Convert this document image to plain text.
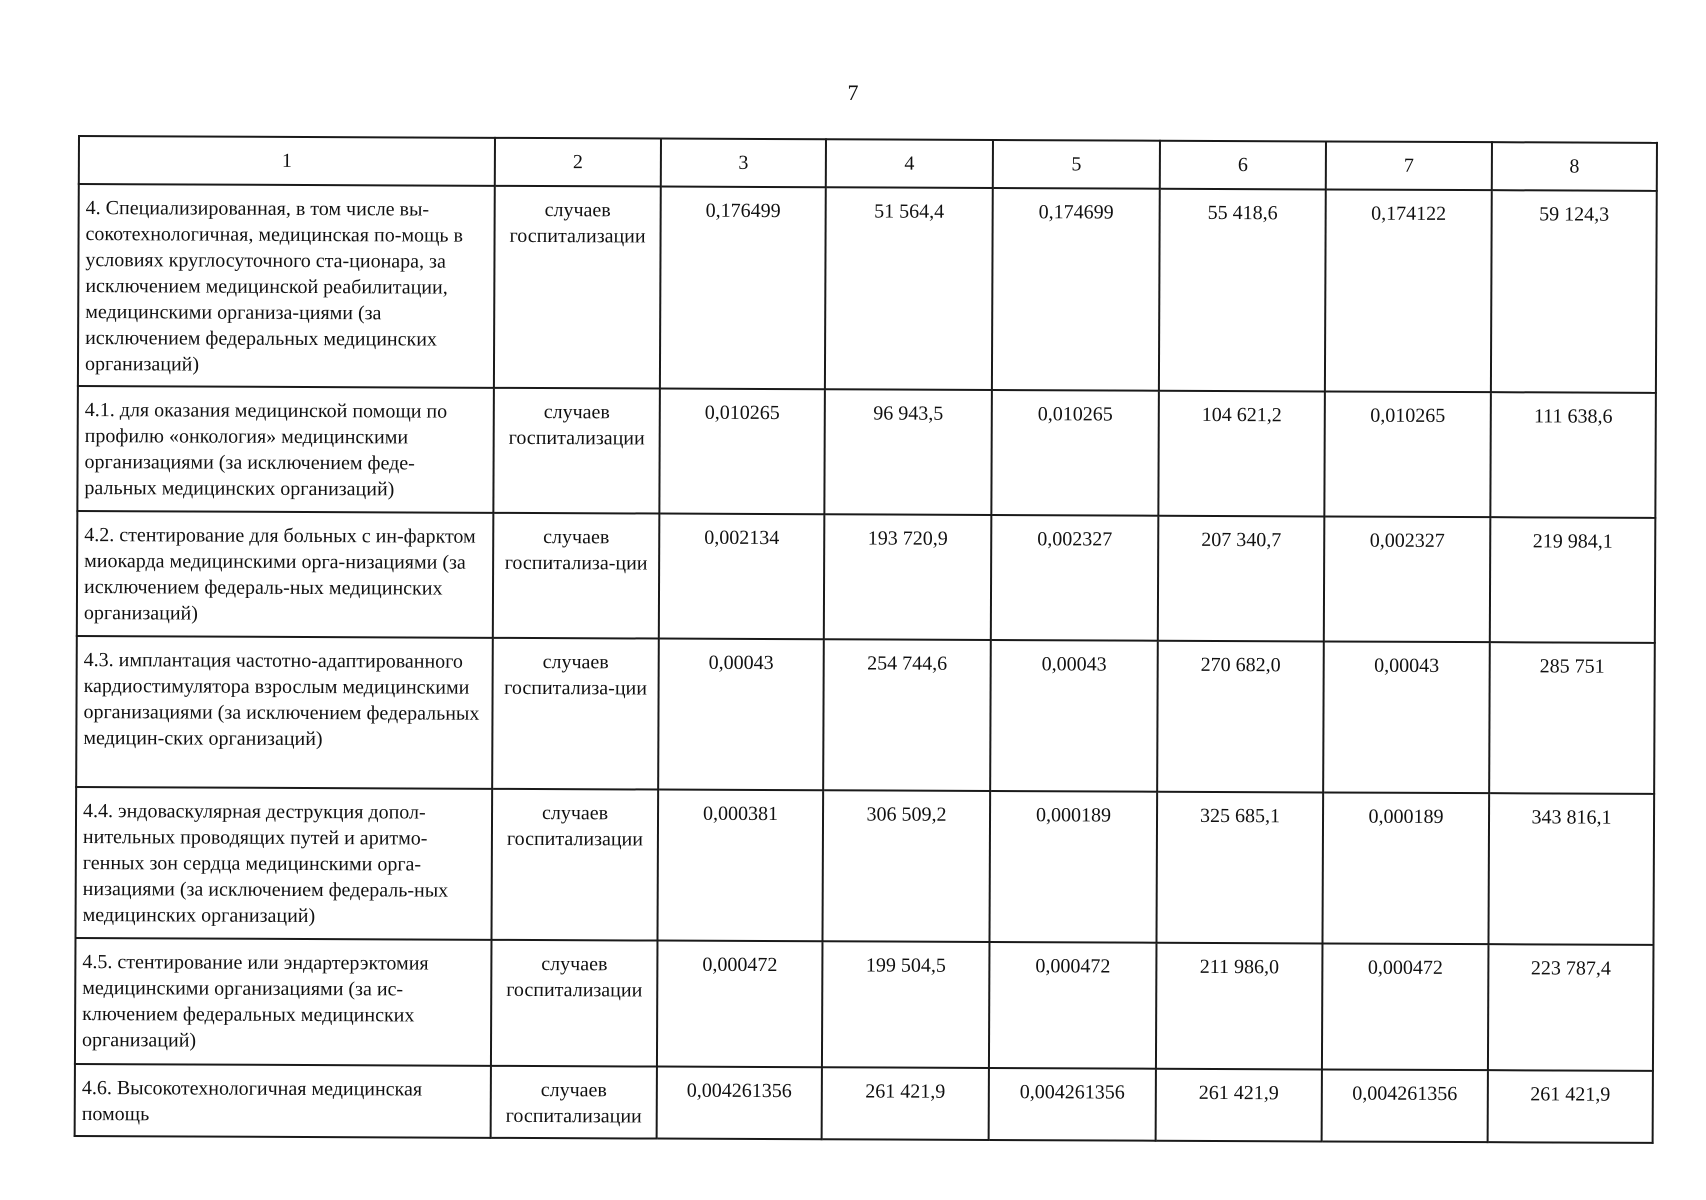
7
1	2	3	4	5	6	7	8
4. Специализированная, в том числе вы-сокотехнологичная, медицинская по-мощь в условиях круглосуточного ста-ционара, за исключением медицинской реабилитации, медицинскими организа-циями (за исключением федеральных медицинских организаций)	случаев госпитализации	0,176499	51 564,4	0,174699	55 418,6	0,174122	59 124,3
4.1. для оказания медицинской помощи по профилю «онкология» медицинскими организациями (за исключением феде-ральных медицинских организаций)	случаев госпитализации	0,010265	96 943,5	0,010265	104 621,2	0,010265	111 638,6
4.2. стентирование для больных с ин-фарктом миокарда медицинскими орга-низациями (за исключением федераль-ных медицинских организаций)	случаев госпитализа-ции	0,002134	193 720,9	0,002327	207 340,7	0,002327	219 984,1
4.3. имплантация частотно-адаптированного кардиостимулятора взрослым медицинскими организациями (за исключением федеральных медицин-ских организаций)	случаев госпитализа-ции	0,00043	254 744,6	0,00043	270 682,0	0,00043	285 751
4.4. эндоваскулярная деструкция допол-нительных проводящих путей и аритмо-генных зон сердца медицинскими орга-низациями (за исключением федераль-ных медицинских организаций)	случаев госпитализации	0,000381	306 509,2	0,000189	325 685,1	0,000189	343 816,1
4.5. стентирование или эндартерэктомия медицинскими организациями (за ис-ключением федеральных медицинских организаций)	случаев госпитализации	0,000472	199 504,5	0,000472	211 986,0	0,000472	223 787,4
4.6. Высокотехнологичная медицинская помощь	случаев госпитализации	0,004261356	261 421,9	0,004261356	261 421,9	0,004261356	261 421,9
